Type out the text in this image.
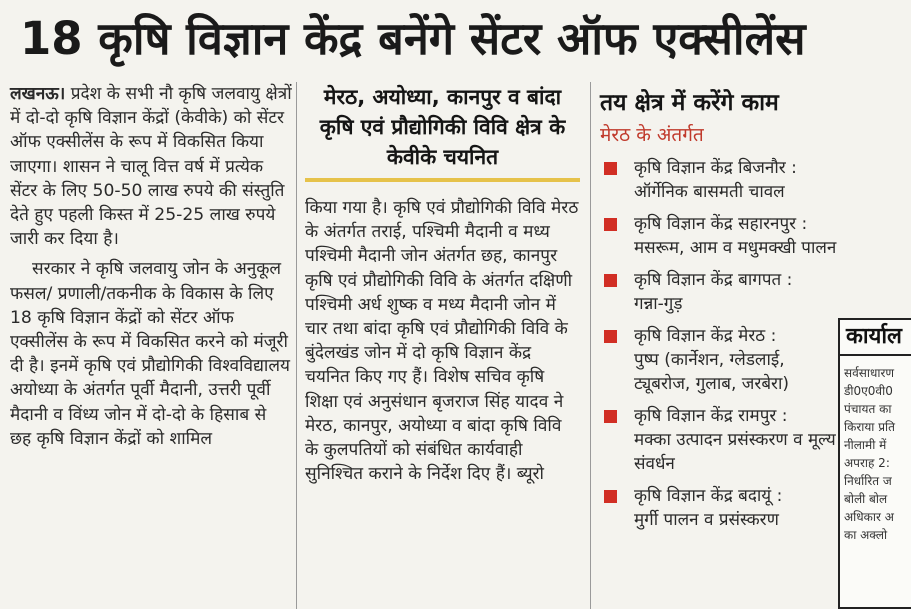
18 कृषि विज्ञान केंद्र बनेंगे सेंटर ऑफ एक्सीलेंस

लखनऊ। प्रदेश के सभी नौ कृषि जलवायु क्षेत्रों में दो-दो कृषि विज्ञान केंद्रों (केवीके) को सेंटर ऑफ एक्सीलेंस के रूप में विकसित किया जाएगा। शासन ने चालू वित्त वर्ष में प्रत्येक सेंटर के लिए 50-50 लाख रुपये की संस्तुति देते हुए पहली किस्त में 25-25 लाख रुपये जारी कर दिया है।

सरकार ने कृषि जलवायु जोन के अनुकूल फसल/ प्रणाली/तकनीक के विकास के लिए 18 कृषि विज्ञान केंद्रों को सेंटर ऑफ एक्सीलेंस के रूप में विकसित करने को मंजूरी दी है। इनमें कृषि एवं प्रौद्योगिकी विश्वविद्यालय अयोध्या के अंतर्गत पूर्वी मैदानी, उत्तरी पूर्वी मैदानी व विंध्य जोन में दो-दो के हिसाब से छह कृषि विज्ञान केंद्रों को शामिल

मेरठ, अयोध्या, कानपुर व बांदा कृषि एवं प्रौद्योगिकी विवि क्षेत्र के केवीके चयनित

किया गया है। कृषि एवं प्रौद्योगिकी विवि मेरठ के अंतर्गत तराई, पश्चिमी मैदानी व मध्य पश्चिमी मैदानी जोन अंतर्गत छह, कानपुर कृषि एवं प्रौद्योगिकी विवि के अंतर्गत दक्षिणी पश्चिमी अर्ध शुष्क व मध्य मैदानी जोन में चार तथा बांदा कृषि एवं प्रौद्योगिकी विवि के बुंदेलखंड जोन में दो कृषि विज्ञान केंद्र चयनित किए गए हैं। विशेष सचिव कृषि शिक्षा एवं अनुसंधान बृजराज सिंह यादव ने मेरठ, कानपुर, अयोध्या व बांदा कृषि विवि के कुलपतियों को संबंधित कार्यवाही सुनिश्चित कराने के निर्देश दिए हैं। ब्यूरो

तय क्षेत्र में करेंगे काम
मेरठ के अंतर्गत
कृषि विज्ञान केंद्र बिजनौर :
ऑर्गेनिक बासमती चावल
कृषि विज्ञान केंद्र सहारनपुर :
मसरूम, आम व मधुमक्खी पालन
कृषि विज्ञान केंद्र बागपत :
गन्ना-गुड़
कृषि विज्ञान केंद्र मेरठ :
पुष्प (कार्नेशन, ग्लेडलाई, ट्यूबरोज, गुलाब, जरबेरा)
कृषि विज्ञान केंद्र रामपुर :
मक्का उत्पादन प्रसंस्करण व मूल्य संवर्धन
कृषि विज्ञान केंद्र बदायूं :
मुर्गी पालन व प्रसंस्करण
कार्याल
सर्वसाधारण
डी0ए0वी0
पंचायत का
किराया प्रति
नीलामी में
अपराह 2:
निर्धारित ज
बोली बोल
अधिकार अ
का अक्लो
